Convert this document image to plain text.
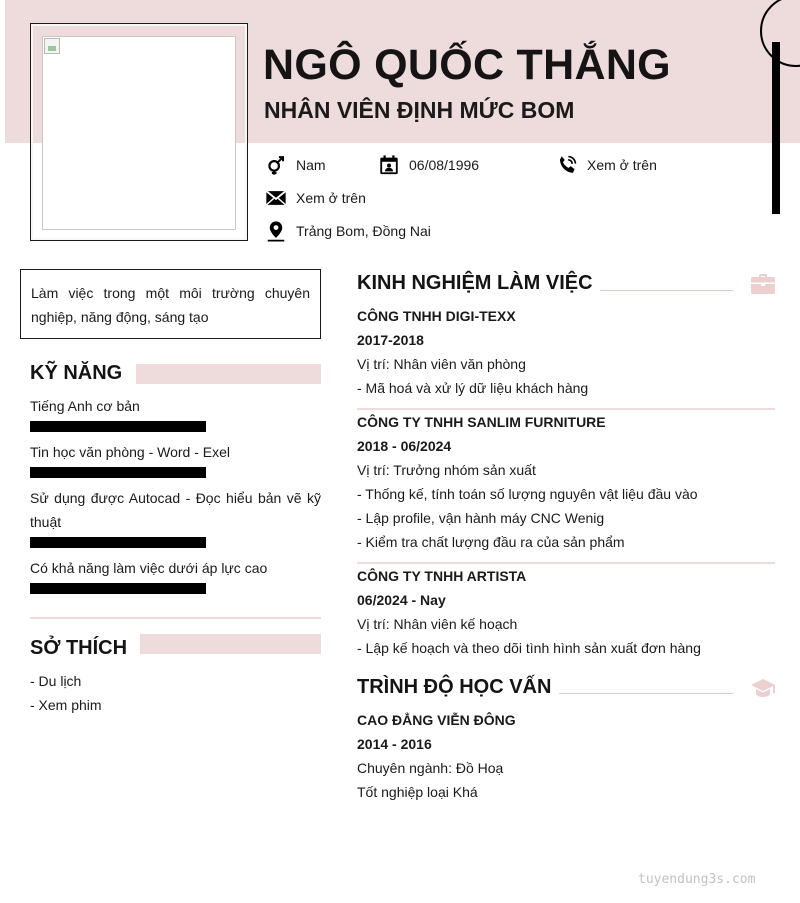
NGÔ QUỐC THẮNG
NHÂN VIÊN ĐỊNH MỨC BOM
Nam	06/08/1996	Xem ở trên
Xem ở trên
Trảng Bom, Đồng Nai
Làm việc trong một môi trường chuyên nghiệp, năng động, sáng tạo
KỸ NĂNG
Tiếng Anh cơ bản
Tin học văn phòng - Word - Exel
Sử dụng được Autocad - Đọc hiểu bản vẽ kỹ thuật
Có khả năng làm việc dưới áp lực cao
SỞ THÍCH
- Du lịch
- Xem phim
KINH NGHIỆM LÀM VIỆC
CÔNG TNHH DIGI-TEXX
2017-2018
Vị trí: Nhân viên văn phòng
- Mã hoá và xử lý dữ liệu khách hàng
CÔNG TY TNHH SANLIM FURNITURE
2018 - 06/2024
Vị trí: Trưởng nhóm sản xuất
- Thống kế, tính toán số lượng nguyên vật liệu đầu vào
- Lập profile, vận hành máy CNC Wenig
- Kiểm tra chất lượng đầu ra của sản phẩm
CÔNG TY TNHH ARTISTA
06/2024 - Nay
Vị trí: Nhân viên kế hoạch
- Lập kế hoạch và theo dõi tình hình sản xuất đơn hàng
TRÌNH ĐỘ HỌC VẤN
CAO ĐẲNG VIỄN ĐÔNG
2014 - 2016
Chuyên ngành: Đồ Hoạ
Tốt nghiệp loại Khá
tuyendung3s.com
